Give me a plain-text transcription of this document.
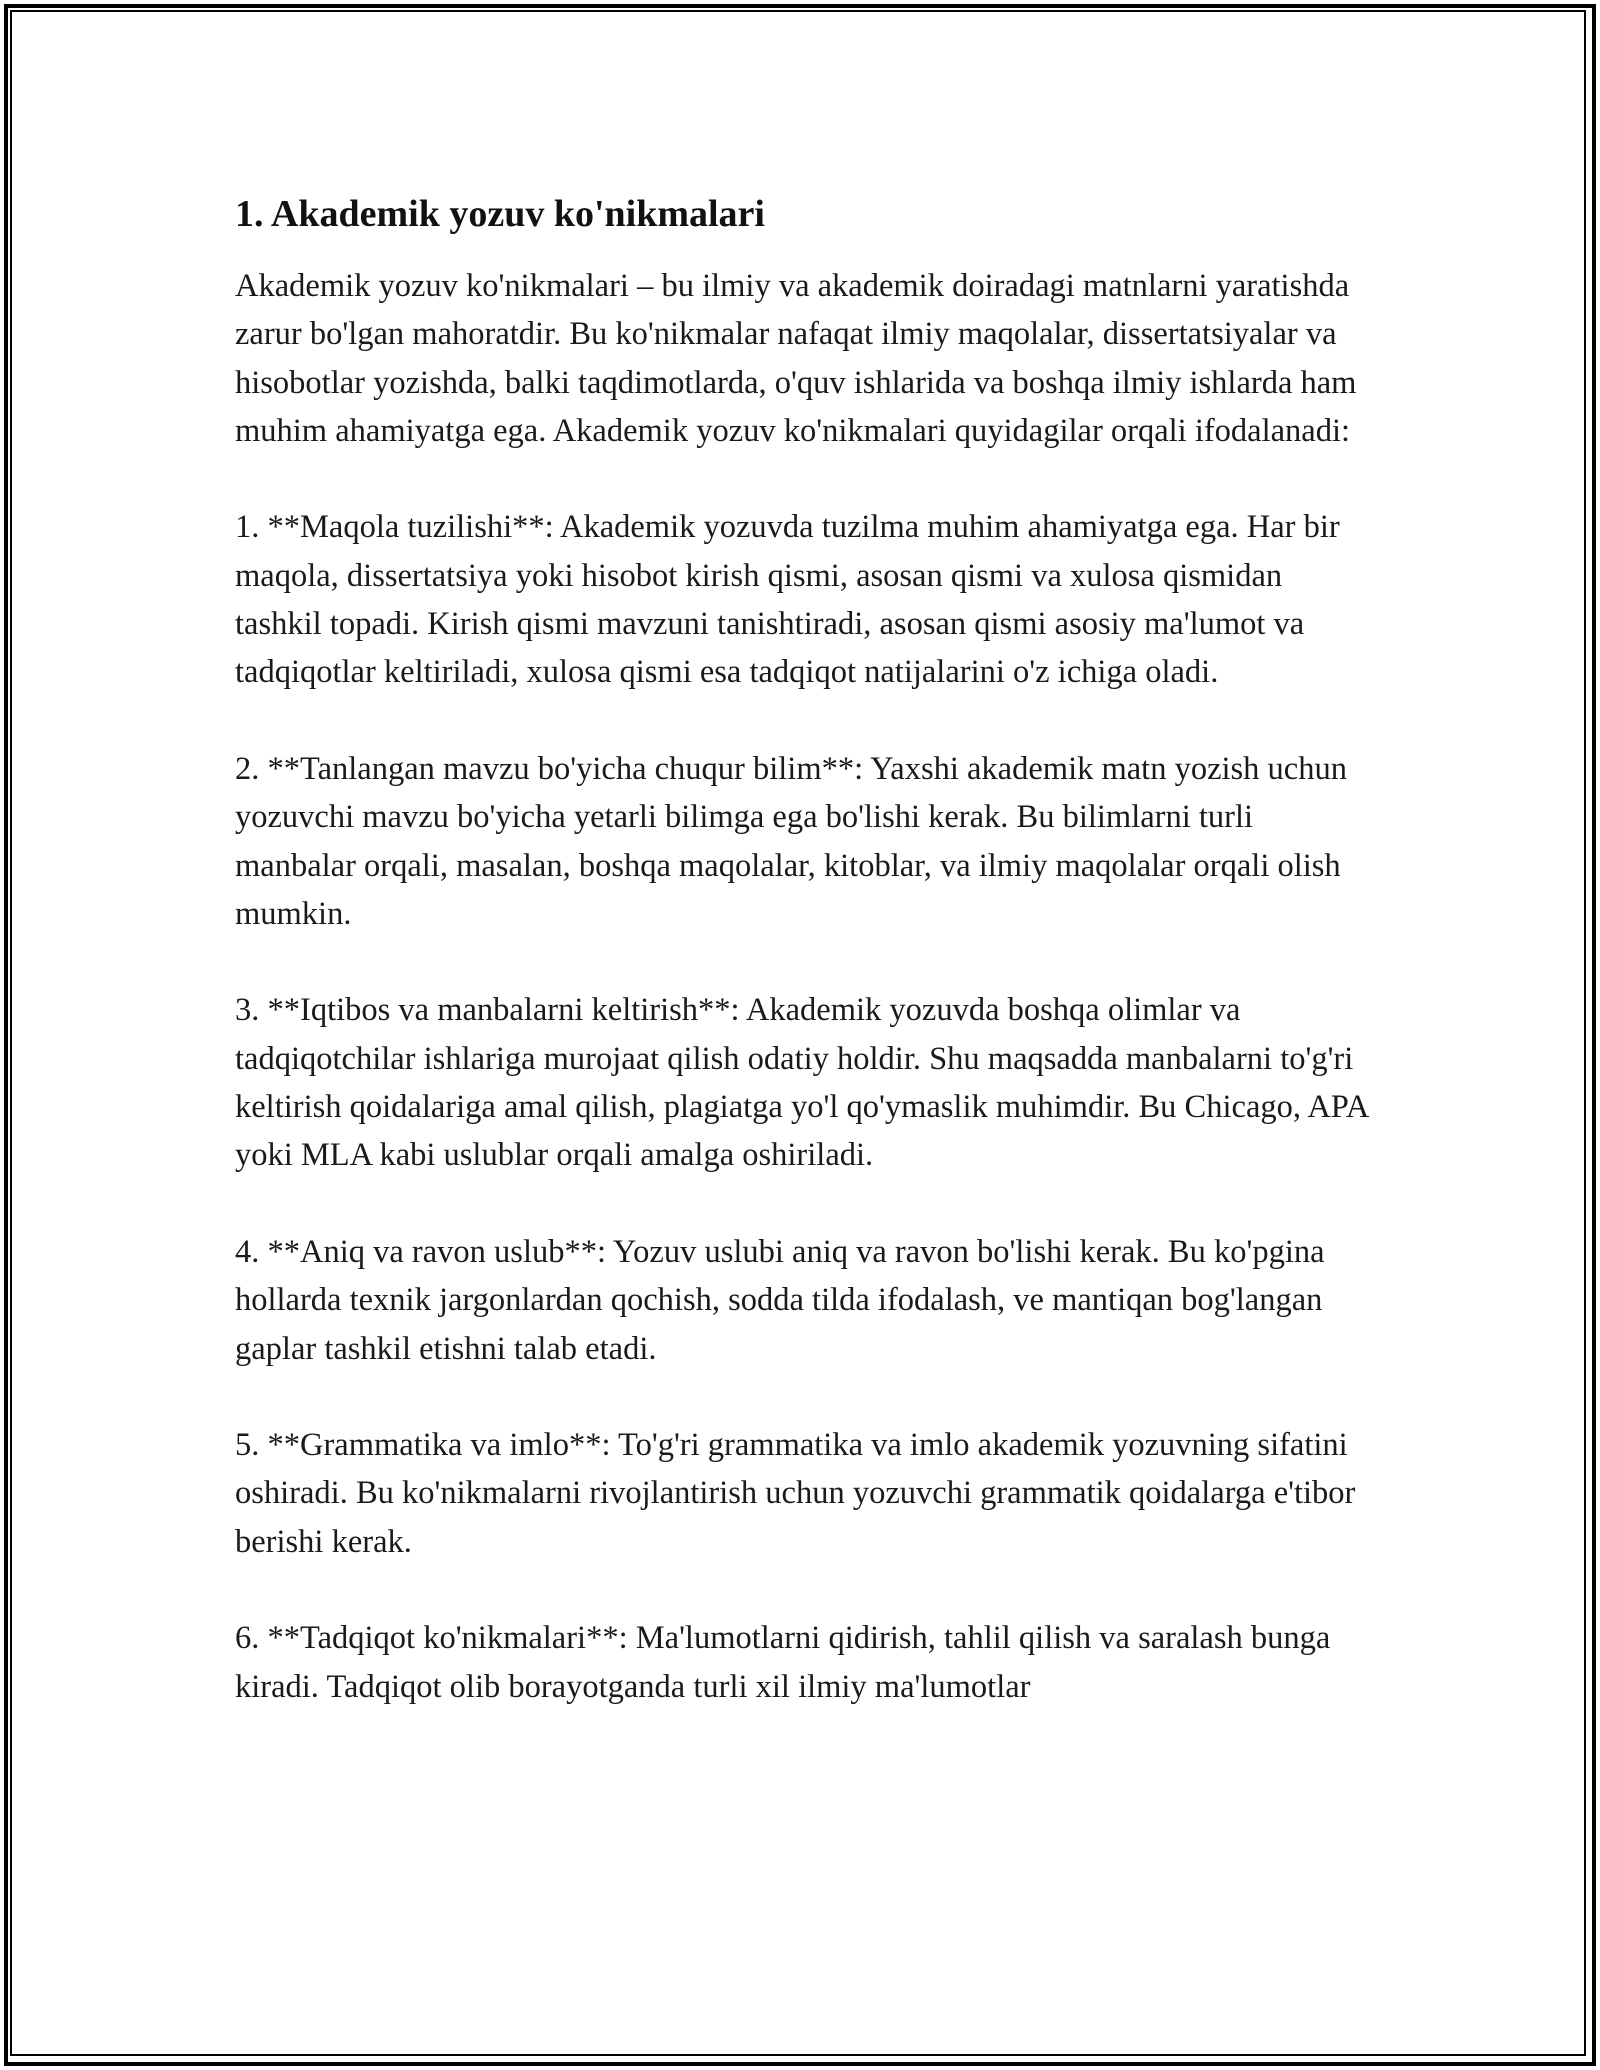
1. Akademik yozuv ko'nikmalari

Akademik yozuv ko'nikmalari – bu ilmiy va akademik doiradagi matnlarni yaratishda zarur bo'lgan mahoratdir. Bu ko'nikmalar nafaqat ilmiy maqolalar, dissertatsiyalar va hisobotlar yozishda, balki taqdimotlarda, o'quv ishlarida va boshqa ilmiy ishlarda ham muhim ahamiyatga ega. Akademik yozuv ko'nikmalari quyidagilar orqali ifodalanadi:

1. **Maqola tuzilishi**: Akademik yozuvda tuzilma muhim ahamiyatga ega. Har bir maqola, dissertatsiya yoki hisobot kirish qismi, asosan qismi va xulosa qismidan tashkil topadi. Kirish qismi mavzuni tanishtiradi, asosan qismi asosiy ma'lumot va tadqiqotlar keltiriladi, xulosa qismi esa tadqiqot natijalarini o'z ichiga oladi.

2. **Tanlangan mavzu bo'yicha chuqur bilim**: Yaxshi akademik matn yozish uchun yozuvchi mavzu bo'yicha yetarli bilimga ega bo'lishi kerak. Bu bilimlarni turli manbalar orqali, masalan, boshqa maqolalar, kitoblar, va ilmiy maqolalar orqali olish mumkin.

3. **Iqtibos va manbalarni keltirish**: Akademik yozuvda boshqa olimlar va tadqiqotchilar ishlariga murojaat qilish odatiy holdir. Shu maqsadda manbalarni to'g'ri keltirish qoidalariga amal qilish, plagiatga yo'l qo'ymaslik muhimdir. Bu Chicago, APA yoki MLA kabi uslublar orqali amalga oshiriladi.

4. **Aniq va ravon uslub**: Yozuv uslubi aniq va ravon bo'lishi kerak. Bu ko'pgina hollarda texnik jargonlardan qochish, sodda tilda ifodalash, ve mantiqan bog'langan gaplar tashkil etishni talab etadi.

5. **Grammatika va imlo**: To'g'ri grammatika va imlo akademik yozuvning sifatini oshiradi. Bu ko'nikmalarni rivojlantirish uchun yozuvchi grammatik qoidalarga e'tibor berishi kerak.

6. **Tadqiqot ko'nikmalari**: Ma'lumotlarni qidirish, tahlil qilish va saralash bunga kiradi. Tadqiqot olib borayotganda turli xil ilmiy ma'lumotlar
